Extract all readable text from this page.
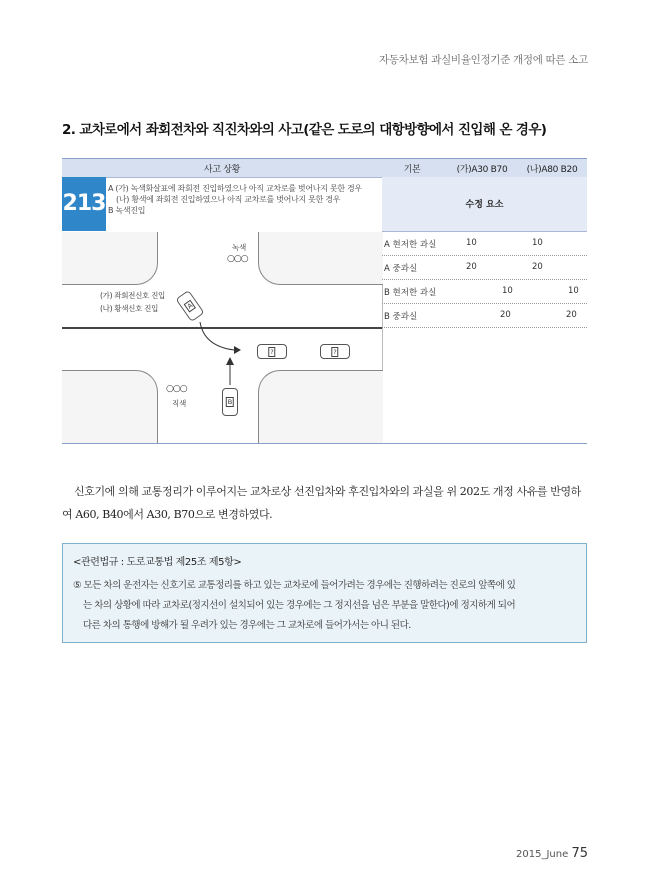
자동차보험 과실비율인정기준 개정에 따른 소고
2. 교차로에서 좌회전차와 직진차와의 사고(같은 도로의 대항방향에서 진입해 온 경우)
사고 상황	기본	(가)A30 B70	(나)A80 B20
213
A (가) 녹색화살표에 좌회전 진입하였으나 아직 교차로를 벗어나지 못한 경우
(나) 황색에 좌회전 진입하였으나 아직 교차로를 벗어나지 못한 경우
B 녹색진입
수정 요소
녹색
○○○
(가) 좌회전신호 진입
(나) 황색신호 진입	A
?	?
○○○
직색	B
A 현저한 과실	10	10
A 중과실	20	20
B 현저한 과실	10	10
B 중과실	20	20
신호기에 의해 교통정리가 이루어지는 교차로상 선진입차와 후진입차와의 과실을 위 202도 개정 사유를 반영하여 A60, B40에서 A30, B70으로 변경하였다.
<관련법규 : 도로교통법 제25조 제5항>
⑤ 모든 차의 운전자는 신호기로 교통정리를 하고 있는 교차로에 들어가려는 경우에는 진행하려는 진로의 앞쪽에 있
는 차의 상황에 따라 교차로(정지선이 설치되어 있는 경우에는 그 정지선을 넘은 부분을 말한다)에 정지하게 되어
다른 차의 통행에 방해가 될 우려가 있는 경우에는 그 교차로에 들어가서는 아니 된다.
2015_June 75
